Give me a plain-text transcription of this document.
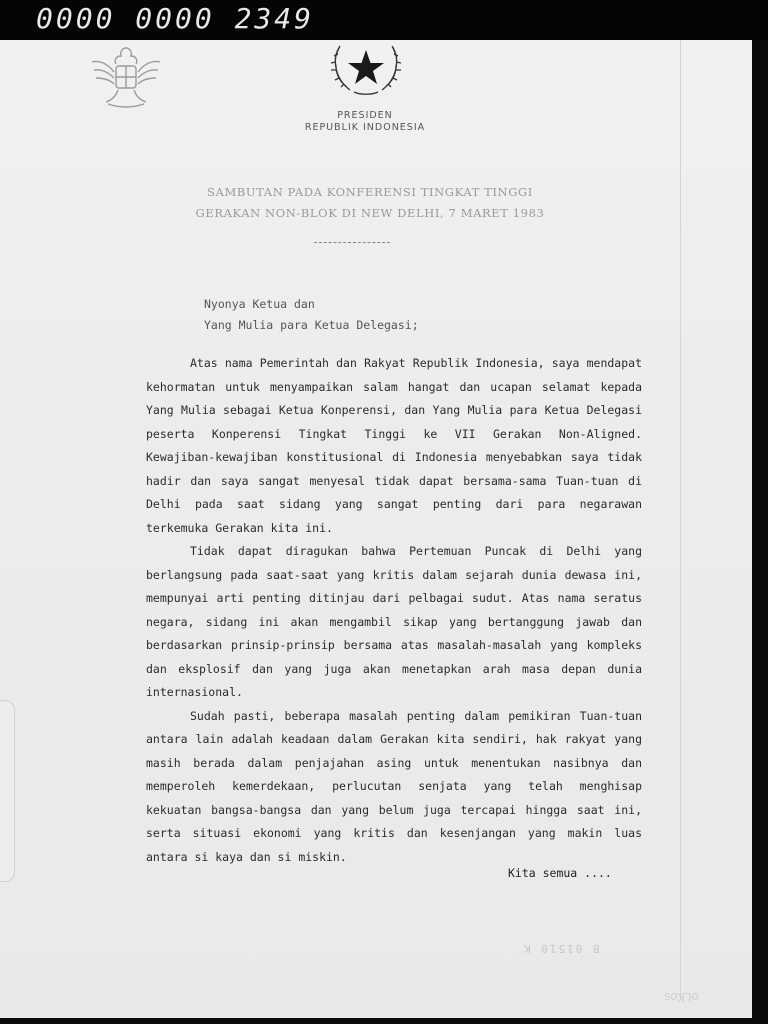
0000 0000 2349
PRESIDEN
REPUBLIK INDONESIA
SAMBUTAN PADA KONFERENSI TINGKAT TINGGI
GERAKAN NON-BLOK DI NEW DELHI, 7 MARET 1983
Nyonya Ketua dan
Yang Mulia para Ketua Delegasi;

Atas nama Pemerintah dan Rakyat Republik Indonesia, saya mendapat kehormatan untuk menyampaikan salam hangat dan ucapan selamat kepada Yang Mulia sebagai Ketua Konperensi, dan Yang Mulia para Ketua Delegasi peserta Konperensi Tingkat Tinggi ke VII Gerakan Non-Aligned. Kewajiban-kewajiban konstitusional di Indonesia menyebabkan saya tidak hadir dan saya sangat menyesal tidak dapat bersama-sama Tuan-tuan di Delhi pada saat sidang yang sangat penting dari para negarawan terkemuka Gerakan kita ini.

Tidak dapat diragukan bahwa Pertemuan Puncak di Delhi yang berlangsung pada saat-saat yang kritis dalam sejarah dunia dewasa ini, mempunyai arti penting ditinjau dari pelbagai sudut. Atas nama seratus negara, sidang ini akan mengambil sikap yang bertanggung jawab dan berdasarkan prinsip-prinsip bersama atas masalah-masalah yang kompleks dan eksplosif dan yang juga akan menetapkan arah masa depan dunia internasional.

Sudah pasti, beberapa masalah penting dalam pemikiran Tuan-tuan antara lain adalah keadaan dalam Gerakan kita sendiri, hak rakyat yang masih berada dalam penjajahan asing untuk menentukan nasibnya dan memperoleh kemerdekaan, perlucutan senjata yang telah menghisap kekuatan bangsa-bangsa dan yang belum juga tercapai hingga saat ini, serta situasi ekonomi yang kritis dan kesenjangan yang makin luas antara si kaya dan si miskin.

Kita semua ....
B 01510 K
oLKos
